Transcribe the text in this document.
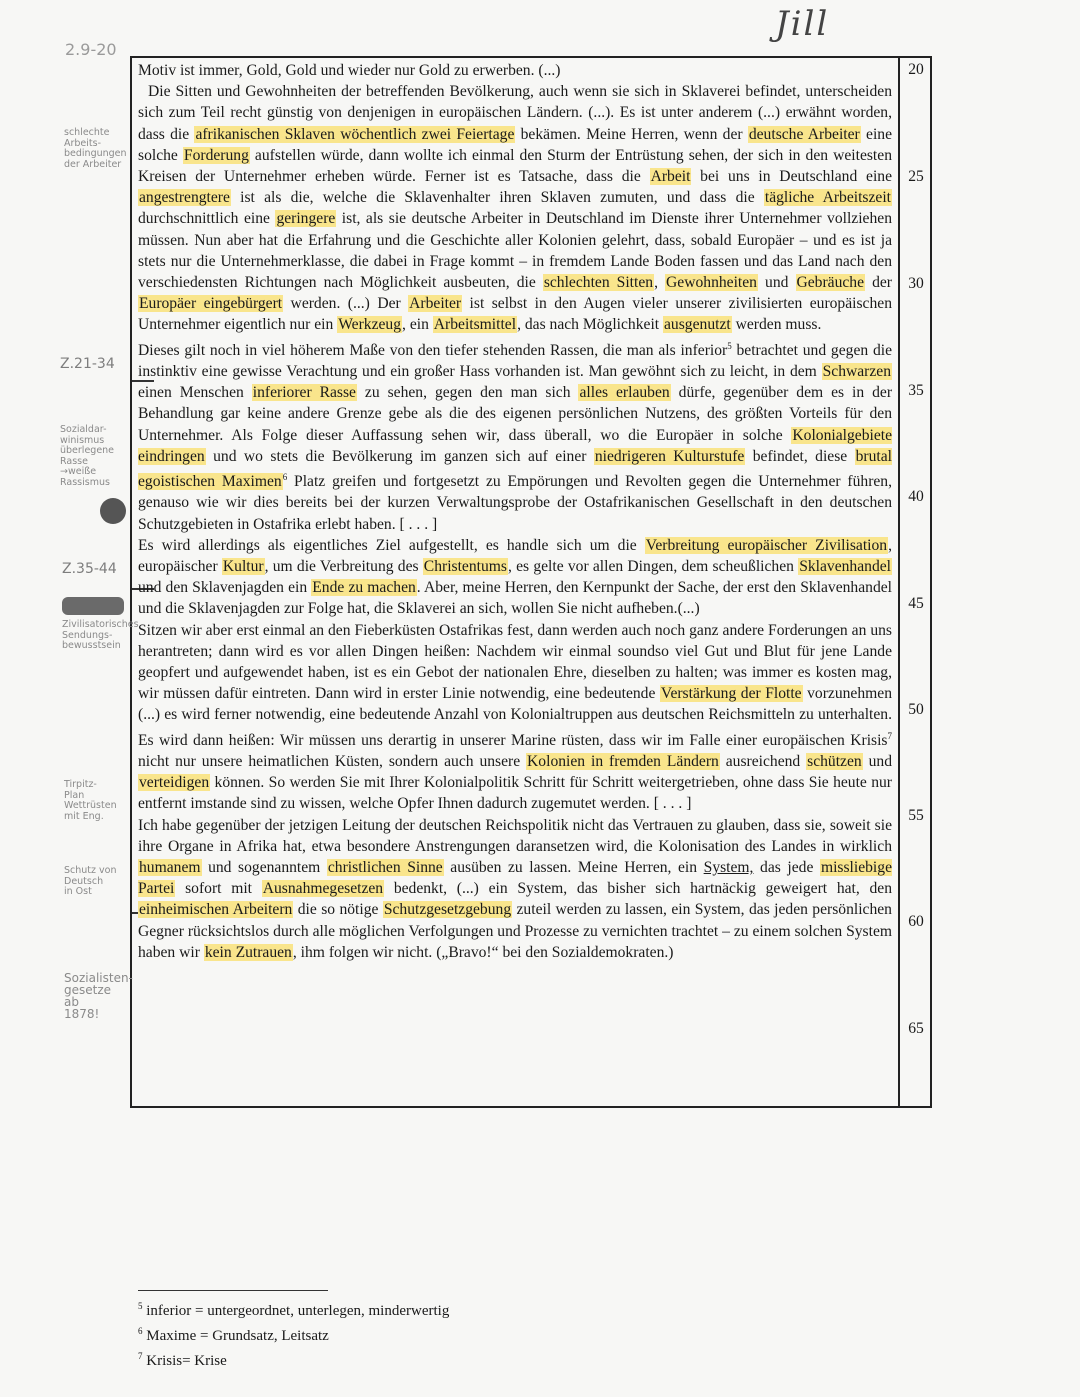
Jill
2.9-20
20
25
30
35
40
45
50
55
60
65
schlechte
Arbeits-
bedingungen
der Arbeiter
Z.21-34
Sozialdar-
winismus
überlegene
Rasse
→weiße
Rassismus
Z.35-44
Zivilisatorisches
Sendungs-
bewusstsein
Tirpitz-
Plan
Wettrüsten
mit Eng.
Schutz von
Deutsch
in Ost
Sozialisten-
gesetze
ab
1878!

Motiv ist immer, Gold, Gold und wieder nur Gold zu erwerben. (...)
Die Sitten und Gewohnheiten der betreffenden Bevölkerung, auch wenn sie sich in Sklaverei befindet, unterscheiden sich zum Teil recht günstig von denjenigen in europäischen Ländern. (...). Es ist unter anderem (...) erwähnt worden, dass die afrikanischen Sklaven wöchentlich zwei Feiertage bekämen. Meine Herren, wenn der deutsche Arbeiter eine solche Forderung aufstellen würde, dann wollte ich einmal den Sturm der Entrüstung sehen, der sich in den weitesten Kreisen der Unternehmer erheben würde. Ferner ist es Tatsache, dass die Arbeit bei uns in Deutschland eine angestrengtere ist als die, welche die Sklavenhalter ihren Sklaven zumuten, und dass die tägliche Arbeitszeit durchschnittlich eine geringere ist, als sie deutsche Arbeiter in Deutschland im Dienste ihrer Unternehmer vollziehen müssen. Nun aber hat die Erfahrung und die Geschichte aller Kolonien gelehrt, dass, sobald Europäer – und es ist ja stets nur die Unternehmerklasse, die dabei in Frage kommt – in fremdem Lande Boden fassen und das Land nach den verschiedensten Richtungen nach Möglichkeit ausbeuten, die schlechten Sitten, Gewohnheiten und Gebräuche der Europäer eingebürgert werden. (...) Der Arbeiter ist selbst in den Augen vieler unserer zivilisierten europäischen Unternehmer eigentlich nur ein Werkzeug, ein Arbeitsmittel, das nach Möglichkeit ausgenutzt werden muss.

Dieses gilt noch in viel höherem Maße von den tiefer stehenden Rassen, die man als inferior$^5$ betrachtet und gegen die instinktiv eine gewisse Verachtung und ein großer Hass vorhanden ist. Man gewöhnt sich zu leicht, in dem Schwarzen einen Menschen inferiorer Rasse zu sehen, gegen den man sich alles erlauben dürfe, gegenüber dem es in der Behandlung gar keine andere Grenze gebe als die des eigenen persönlichen Nutzens, des größten Vorteils für den Unternehmer. Als Folge dieser Auffassung sehen wir, dass überall, wo die Europäer in solche Kolonialgebiete eindringen und wo stets die Bevölkerung im ganzen sich auf einer niedrigeren Kulturstufe befindet, diese brutal egoistischen Maximen$^6$ Platz greifen und fortgesetzt zu Empörungen und Revolten gegen die Unternehmer führen, genauso wie wir dies bereits bei der kurzen Verwaltungsprobe der Ostafrikanischen Gesellschaft in den deutschen Schutzgebieten in Ostafrika erlebt haben. [ . . . ]

Es wird allerdings als eigentliches Ziel aufgestellt, es handle sich um die Verbreitung europäischer Zivilisation, europäischer Kultur, um die Verbreitung des Christentums, es gelte vor allen Dingen, dem scheußlichen Sklavenhandel und den Sklavenjagden ein Ende zu machen. Aber, meine Herren, den Kernpunkt der Sache, der erst den Sklavenhandel und die Sklavenjagden zur Folge hat, die Sklaverei an sich, wollen Sie nicht aufheben.(...)

Sitzen wir aber erst einmal an den Fieberküsten Ostafrikas fest, dann werden auch noch ganz andere Forderungen an uns herantreten; dann wird es vor allen Dingen heißen: Nachdem wir einmal soundso viel Gut und Blut für jene Lande geopfert und aufgewendet haben, ist es ein Gebot der nationalen Ehre, dieselben zu halten; was immer es kosten mag, wir müssen dafür eintreten. Dann wird in erster Linie notwendig, eine bedeutende Verstärkung der Flotte vorzunehmen (...) es wird ferner notwendig, eine bedeutende Anzahl von Kolonialtruppen aus deutschen Reichsmitteln zu unterhalten. Es wird dann heißen: Wir müssen uns derartig in unserer Marine rüsten, dass wir im Falle einer europäischen Krisis$^7$ nicht nur unsere heimatlichen Küsten, sondern auch unsere Kolonien in fremden Ländern ausreichend schützen und verteidigen können. So werden Sie mit Ihrer Kolonialpolitik Schritt für Schritt weitergetrieben, ohne dass Sie heute nur entfernt imstande sind zu wissen, welche Opfer Ihnen dadurch zugemutet werden. [ . . . ]

Ich habe gegenüber der jetzigen Leitung der deutschen Reichspolitik nicht das Vertrauen zu glauben, dass sie, soweit sie ihre Organe in Afrika hat, etwa besondere Anstrengungen daransetzen wird, die Kolonisation des Landes in wirklich humanem und sogenanntem christlichen Sinne ausüben zu lassen. Meine Herren, ein System, das jede missliebige Partei sofort mit Ausnahmegesetzen bedenkt, (...) ein System, das bisher sich hartnäckig geweigert hat, den einheimischen Arbeitern die so nötige Schutzgesetzgebung zuteil werden zu lassen, ein System, das jeden persönlichen Gegner rücksichtslos durch alle möglichen Verfolgungen und Prozesse zu vernichten trachtet – zu einem solchen System haben wir kein Zutrauen, ihm folgen wir nicht. („Bravo!“ bei den Sozialdemokraten.)

$^5$ inferior = untergeordnet, unterlegen, minderwertig
$^6$ Maxime = Grundsatz, Leitsatz
$^7$ Krisis= Krise
